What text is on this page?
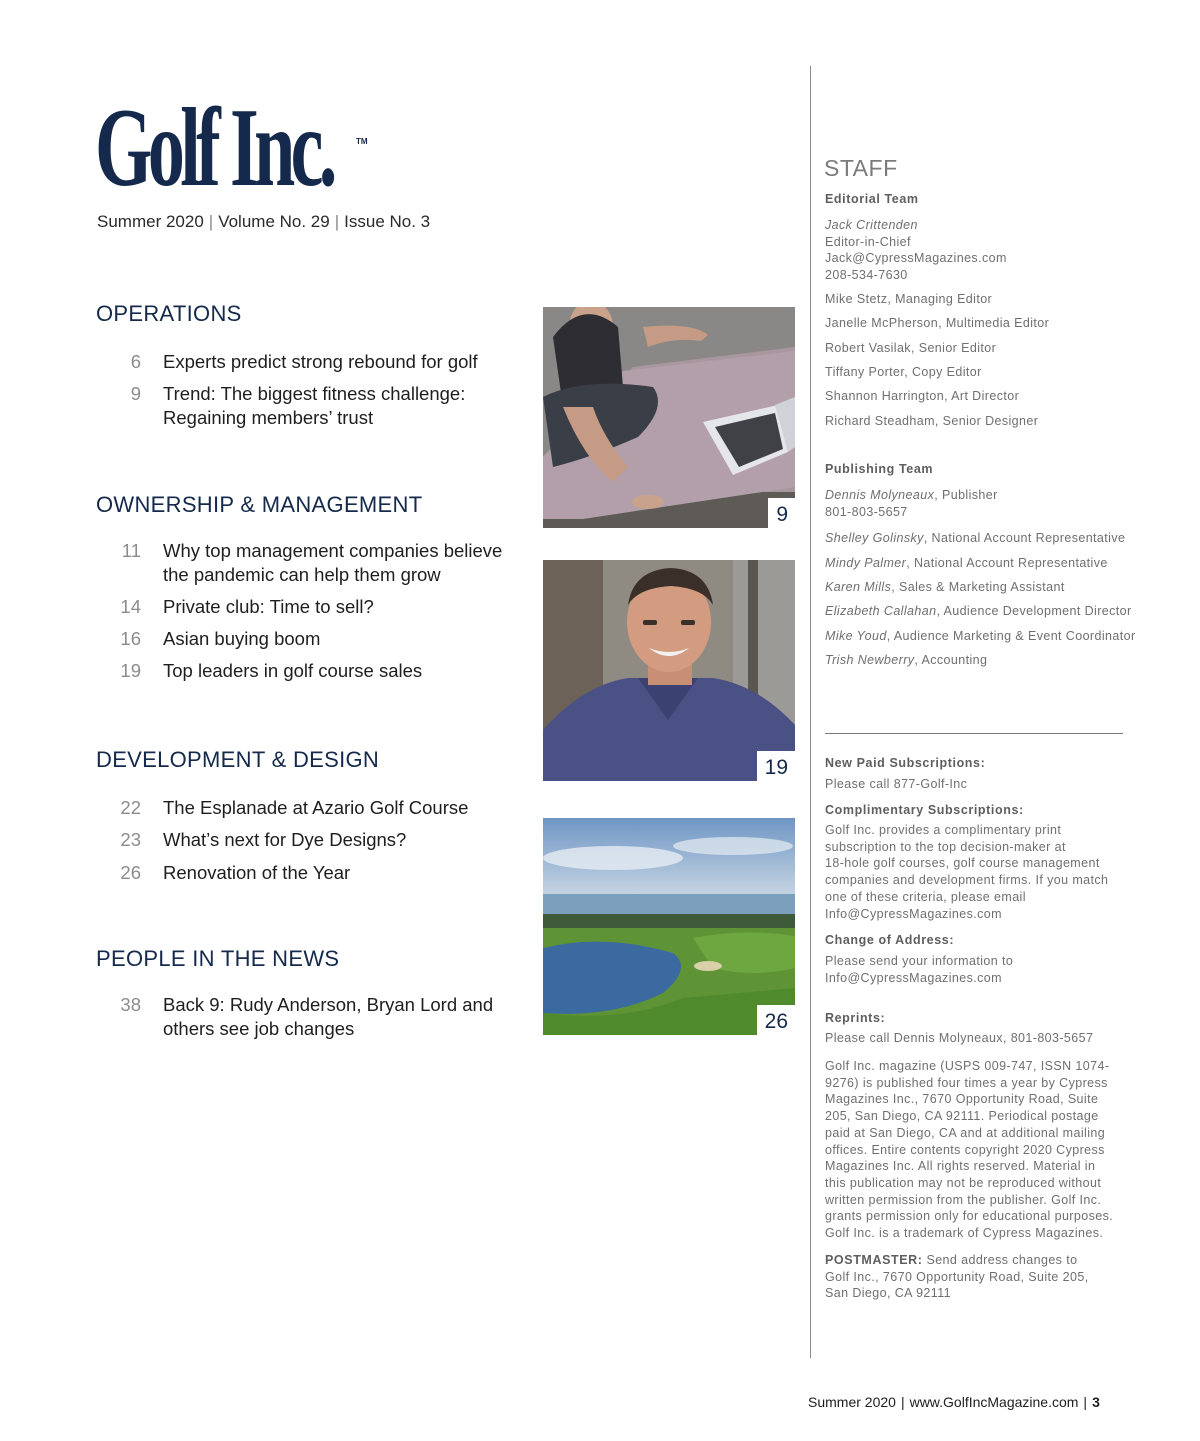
Golf Inc.	TM
Summer 2020 | Volume No. 29 | Issue No. 3
OPERATIONS
6 Experts predict strong rebound for golf
9 Trend: The biggest fitness challenge: Regaining members’ trust
OWNERSHIP & MANAGEMENT
11 Why top management companies believe the pandemic can help them grow
14 Private club: Time to sell?
16 Asian buying boom
19 Top leaders in golf course sales
DEVELOPMENT & DESIGN
22 The Esplanade at Azario Golf Course
23 What’s next for Dye Designs?
26 Renovation of the Year
PEOPLE IN THE NEWS
38 Back 9: Rudy Anderson, Bryan Lord and others see job changes
9
19
26
STAFF
Editorial Team
Jack Crittenden
Editor-in-Chief
Jack@CypressMagazines.com
208-534-7630
Mike Stetz, Managing Editor
Janelle McPherson, Multimedia Editor
Robert Vasilak, Senior Editor
Tiffany Porter, Copy Editor
Shannon Harrington, Art Director
Richard Steadham, Senior Designer
Publishing Team
Dennis Molyneaux, Publisher
801-803-5657
Shelley Golinsky, National Account Representative
Mindy Palmer, National Account Representative
Karen Mills, Sales & Marketing Assistant
Elizabeth Callahan, Audience Development Director
Mike Youd, Audience Marketing & Event Coordinator
Trish Newberry, Accounting
New Paid Subscriptions:
Please call 877-Golf-Inc
Complimentary Subscriptions:
Golf Inc. provides a complimentary print
subscription to the top decision-maker at
18-hole golf courses, golf course management
companies and development firms. If you match
one of these criteria, please email
Info@CypressMagazines.com
Change of Address:
Please send your information to
Info@CypressMagazines.com
Reprints:
Please call Dennis Molyneaux, 801-803-5657
Golf Inc. magazine (USPS 009-747, ISSN 1074-
9276) is published four times a year by Cypress
Magazines Inc., 7670 Opportunity Road, Suite
205, San Diego, CA 92111. Periodical postage
paid at San Diego, CA and at additional mailing
offices. Entire contents copyright 2020 Cypress
Magazines Inc. All rights reserved. Material in
this publication may not be reproduced without
written permission from the publisher. Golf Inc.
grants permission only for educational purposes.
Golf Inc. is a trademark of Cypress Magazines.
POSTMASTER: Send address changes to
Golf Inc., 7670 Opportunity Road, Suite 205,
San Diego, CA 92111
Summer 2020 | www.GolfIncMagazine.com | 3
